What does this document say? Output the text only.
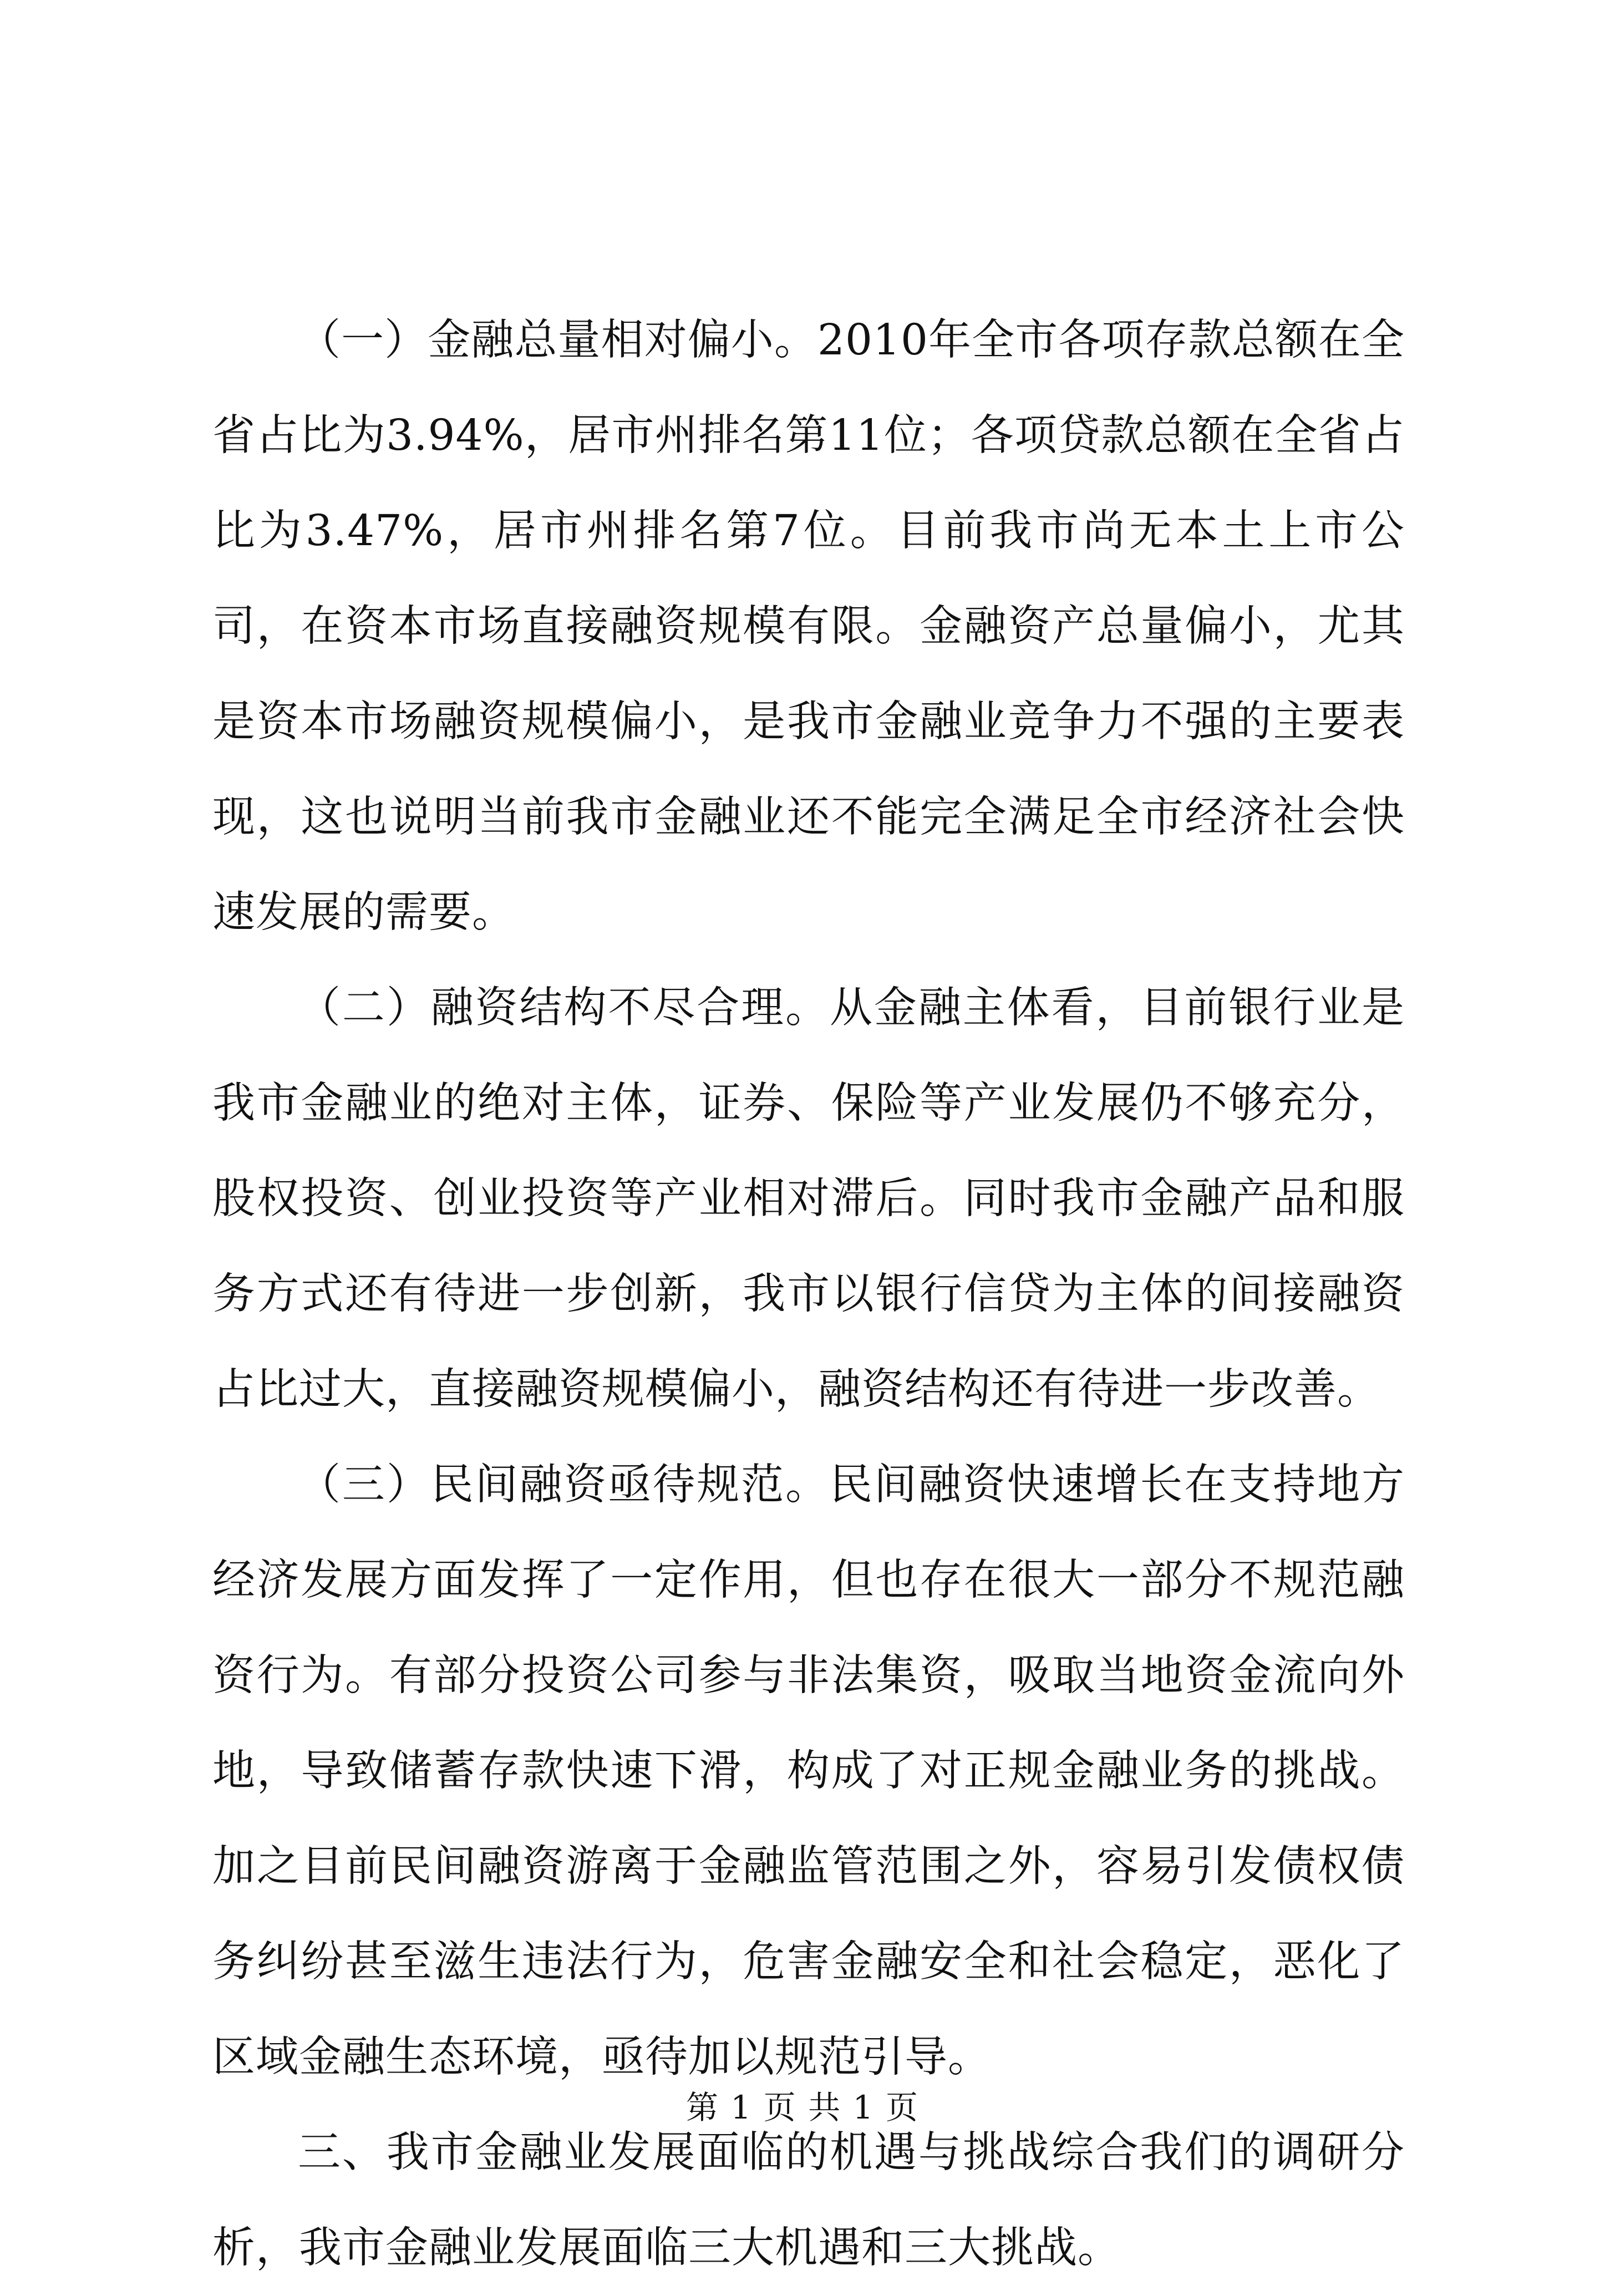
（一）金融总量相对偏小。2010年全市各项存款总额在全省占比为3.94%，居市州排名第11位；各项贷款总额在全省占比为3.47%，居市州排名第7位。目前我市尚无本土上市公司，在资本市场直接融资规模有限。金融资产总量偏小，尤其是资本市场融资规模偏小，是我市金融业竞争力不强的主要表现，这也说明当前我市金融业还不能完全满足全市经济社会快速发展的需要。

（二）融资结构不尽合理。从金融主体看，目前银行业是我市金融业的绝对主体，证券、保险等产业发展仍不够充分，股权投资、创业投资等产业相对滞后。同时我市金融产品和服务方式还有待进一步创新，我市以银行信贷为主体的间接融资占比过大，直接融资规模偏小，融资结构还有待进一步改善。

（三）民间融资亟待规范。民间融资快速增长在支持地方经济发展方面发挥了一定作用，但也存在很大一部分不规范融资行为。有部分投资公司参与非法集资，吸取当地资金流向外地，导致储蓄存款快速下滑，构成了对正规金融业务的挑战。加之目前民间融资游离于金融监管范围之外，容易引发债权债务纠纷甚至滋生违法行为，危害金融安全和社会稳定，恶化了区域金融生态环境，亟待加以规范引导。

三、我市金融业发展面临的机遇与挑战综合我们的调研分析，我市金融业发展面临三大机遇和三大挑战。

第 1 页 共 1 页
